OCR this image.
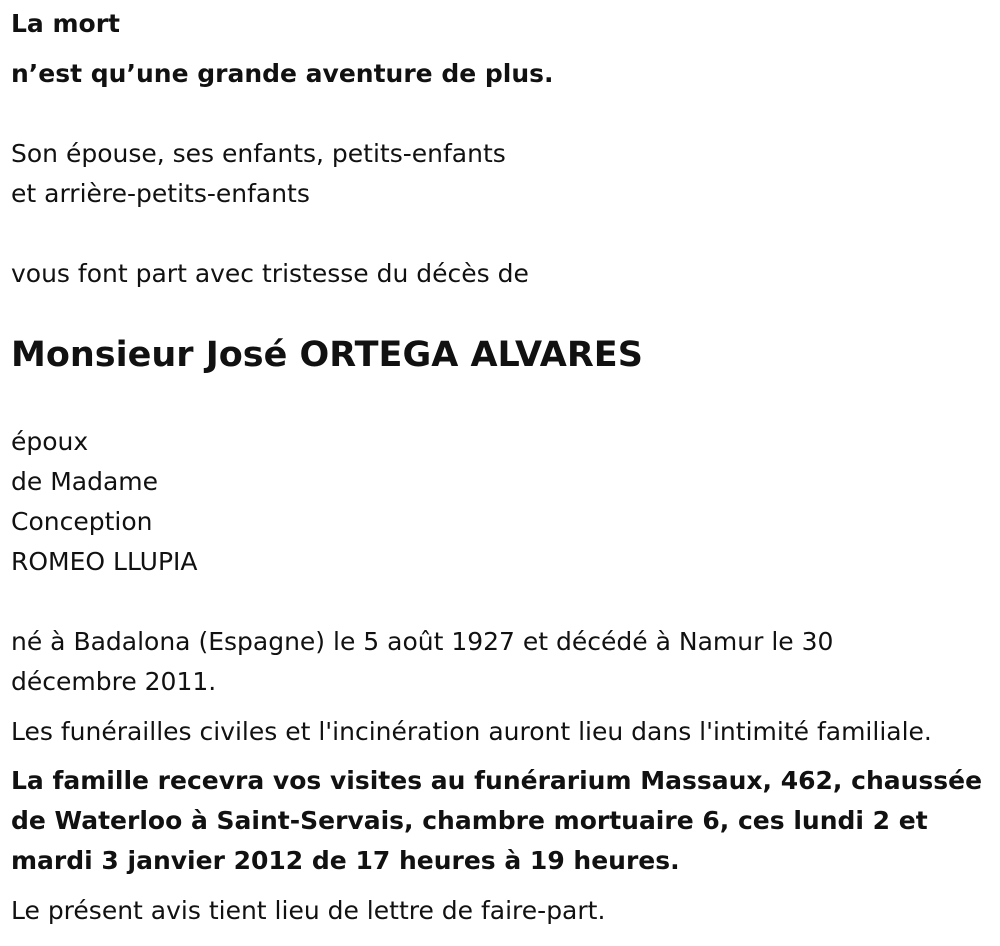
La mort

n’est qu’une grande aventure de plus.

Son épouse, ses enfants, petits-enfants

et arrière-petits-enfants

vous font part avec tristesse du décès de

Monsieur José ORTEGA ALVARES

époux

de Madame

Conception

ROMEO LLUPIA

né à Badalona (Espagne) le 5 août 1927 et décédé à Namur le 30

décembre 2011.

Les funérailles civiles et l'incinération auront lieu dans l'intimité familiale.

La famille recevra vos visites au funérarium Massaux, 462, chaussée

de Waterloo à Saint-Servais, chambre mortuaire 6, ces lundi 2 et

mardi 3 janvier 2012 de 17 heures à 19 heures.

Le présent avis tient lieu de lettre de faire-part.
